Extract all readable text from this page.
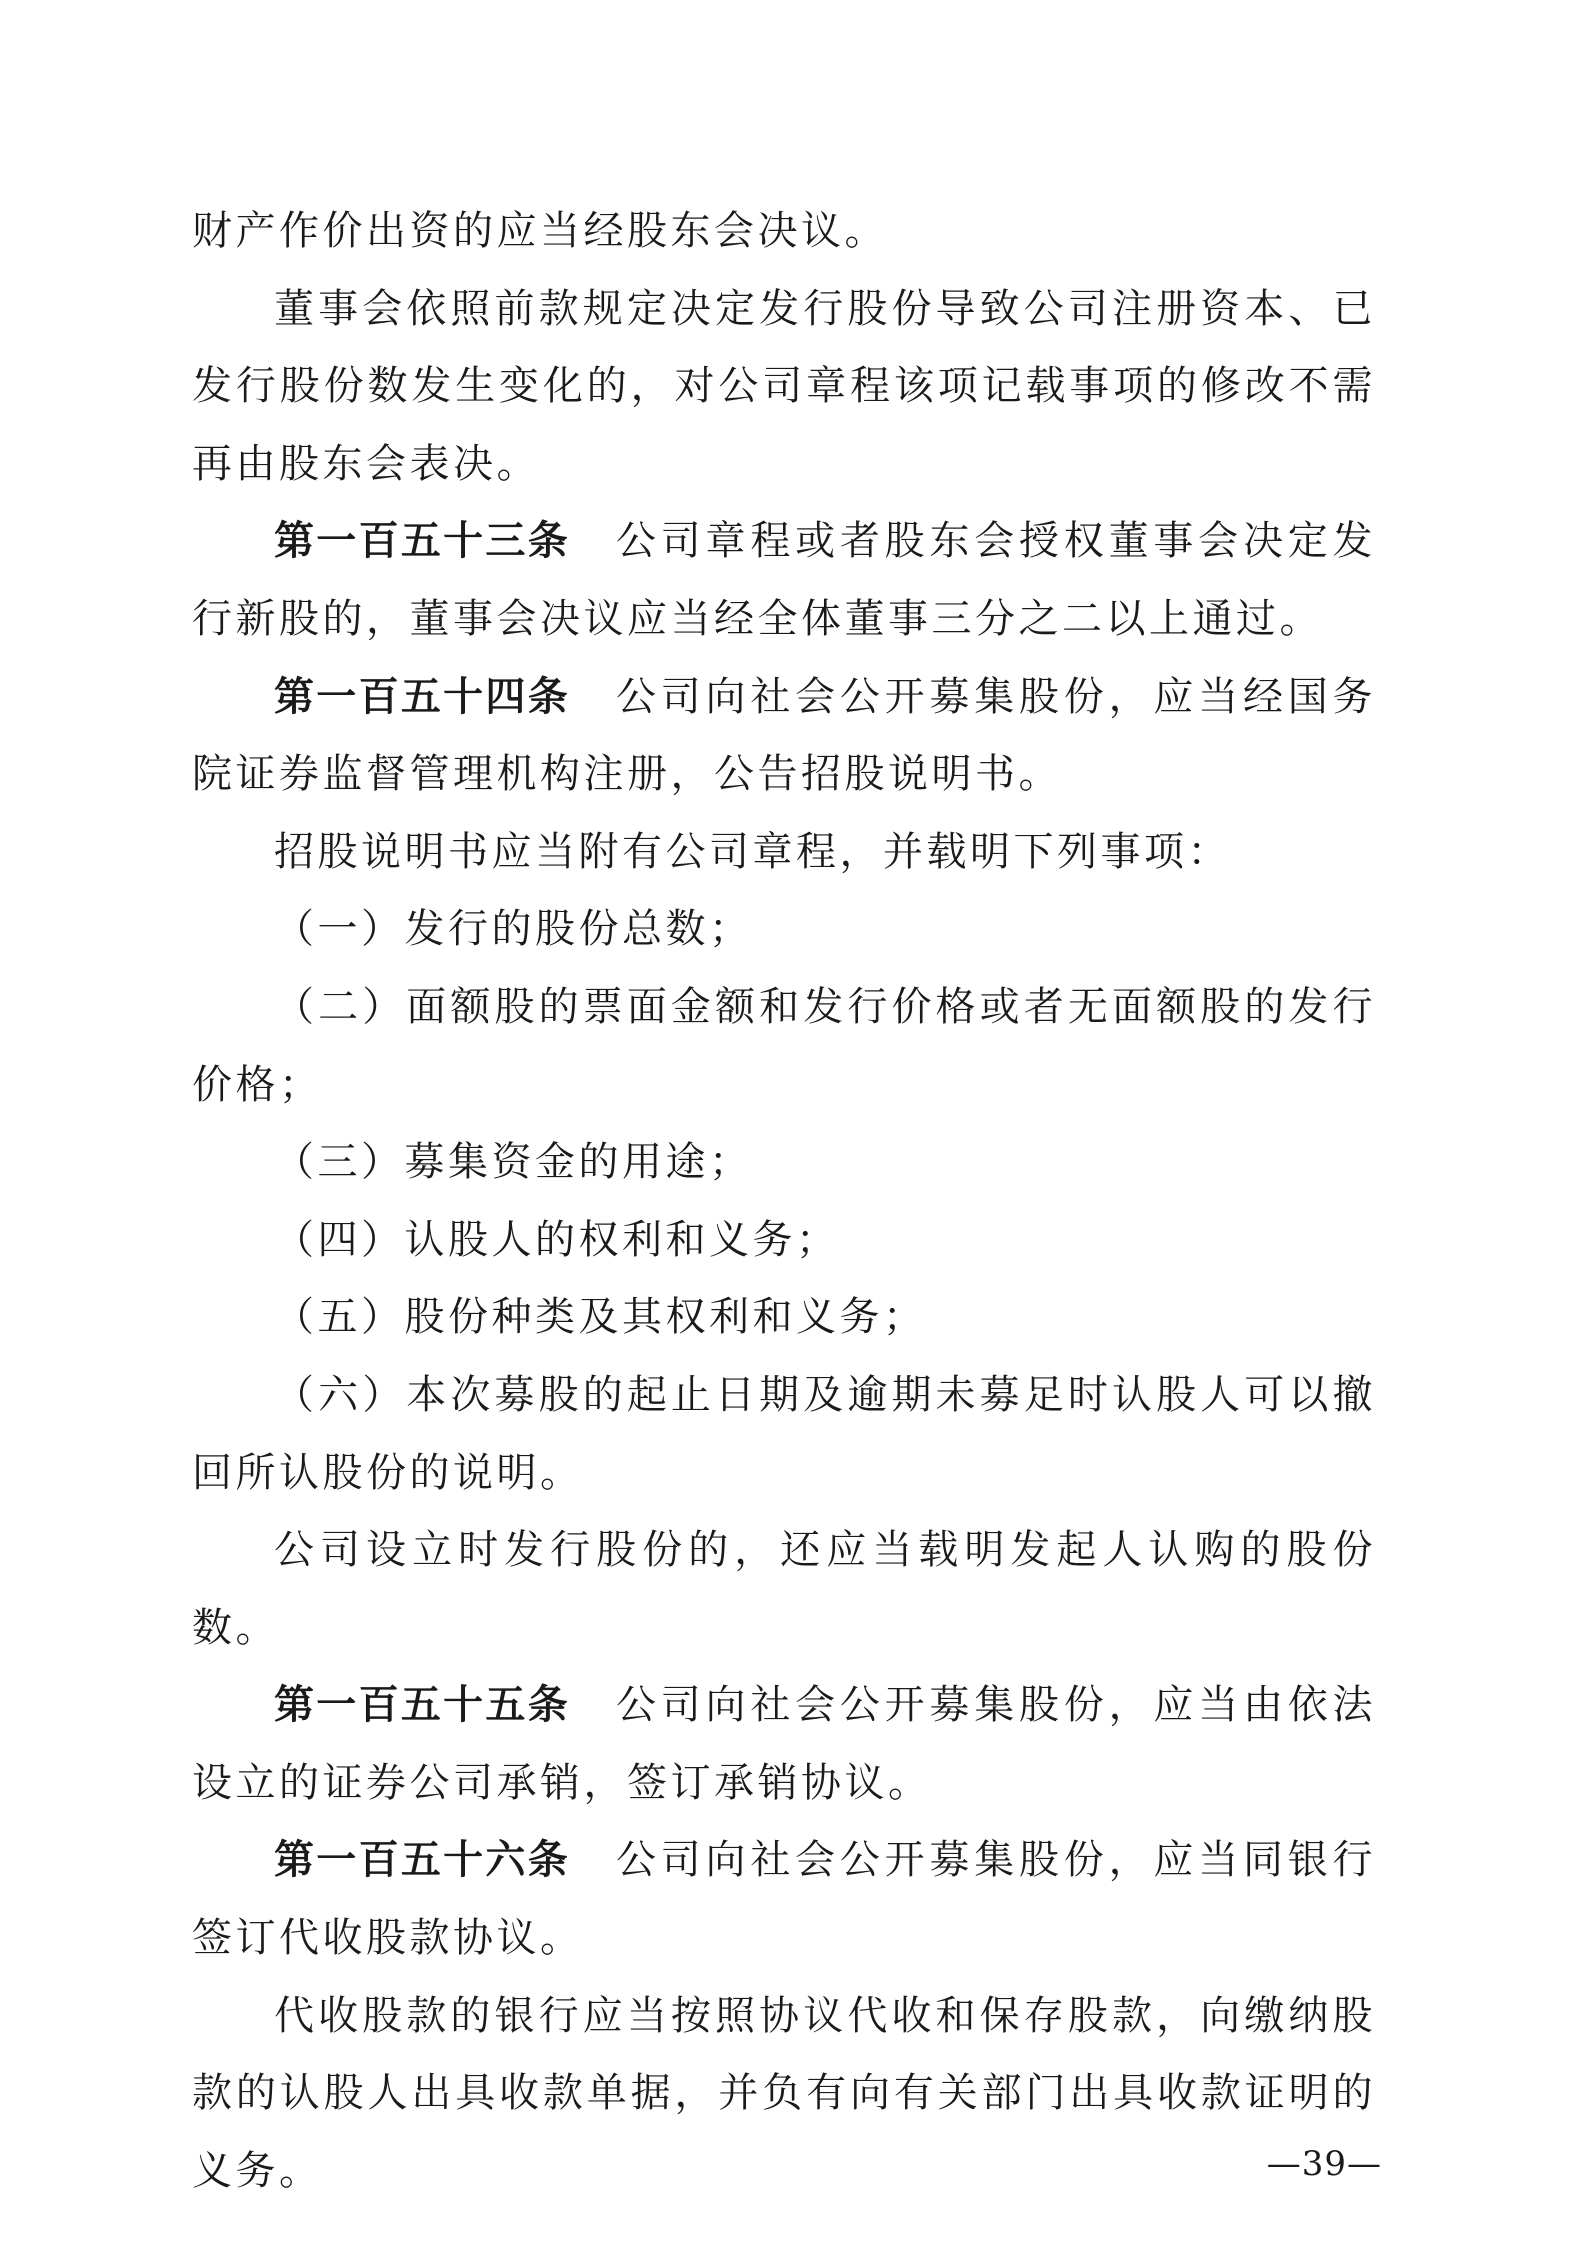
财产作价出资的应当经股东会决议。

董事会依照前款规定决定发行股份导致公司注册资本、已发行股份数发生变化的，对公司章程该项记载事项的修改不需再由股东会表决。

第一百五十三条 公司章程或者股东会授权董事会决定发行新股的，董事会决议应当经全体董事三分之二以上通过。

第一百五十四条 公司向社会公开募集股份，应当经国务院证券监督管理机构注册，公告招股说明书。

招股说明书应当附有公司章程，并载明下列事项：

（一）发行的股份总数；

（二）面额股的票面金额和发行价格或者无面额股的发行价格；

（三）募集资金的用途；

（四）认股人的权利和义务；

（五）股份种类及其权利和义务；

（六）本次募股的起止日期及逾期未募足时认股人可以撤回所认股份的说明。

公司设立时发行股份的，还应当载明发起人认购的股份数。

第一百五十五条 公司向社会公开募集股份，应当由依法设立的证券公司承销，签订承销协议。

第一百五十六条 公司向社会公开募集股份，应当同银行签订代收股款协议。

代收股款的银行应当按照协议代收和保存股款，向缴纳股款的认股人出具收款单据，并负有向有关部门出具收款证明的义务。	—39—
